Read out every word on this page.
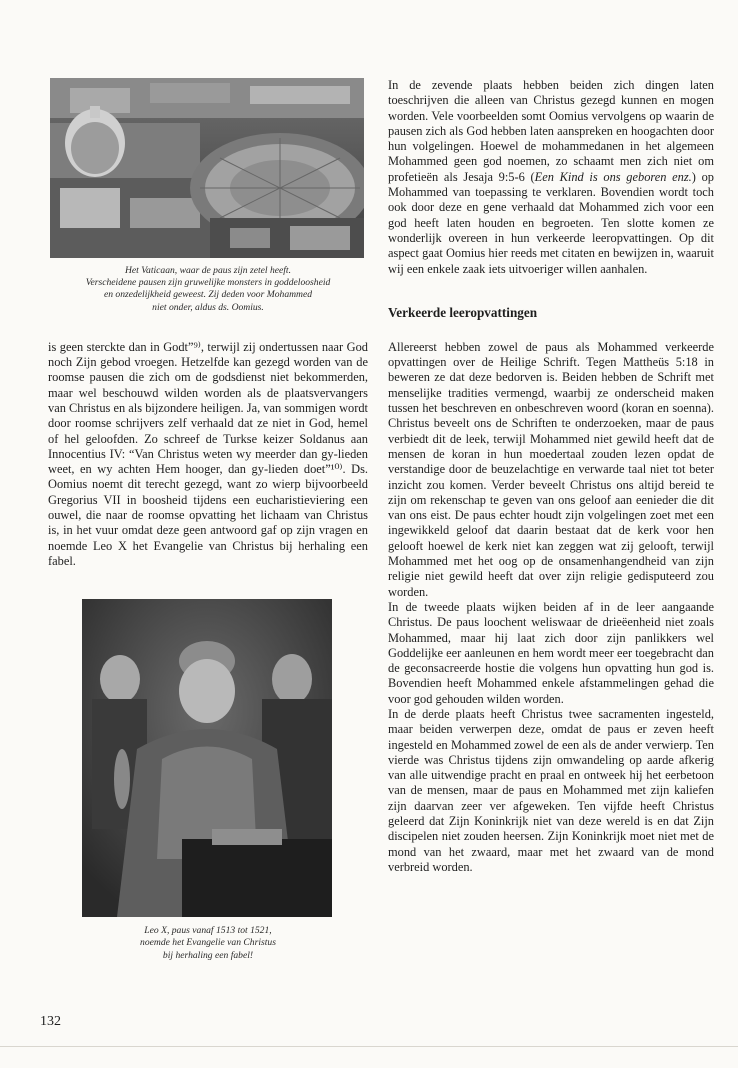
Het Vaticaan, waar de paus zijn zetel heeft.
Verscheidene pausen zijn gruwelijke monsters in goddeloosheid
en onzedelijkheid geweest. Zij deden voor Mohammed
niet onder, aldus ds. Oomius.

is geen sterckte dan in Godt”⁹⁾, terwijl zij ondertussen naar God noch Zijn gebod vroegen. Hetzelfde kan gezegd worden van de roomse pausen die zich om de godsdienst niet bekommerden, maar wel beschouwd wilden worden als de plaatsvervangers van Christus en als bijzondere heiligen. Ja, van sommigen wordt door roomse schrijvers zelf verhaald dat ze niet in God, hemel of hel geloofden. Zo schreef de Turkse keizer Soldanus aan Innocentius IV: “Van Christus weten wy meerder dan gy-lieden weet, en wy achten Hem hooger, dan gy-lieden doet”¹⁰⁾. Ds. Oomius noemt dit terecht gezegd, want zo wierp bijvoorbeeld Gregorius VII in boosheid tijdens een eucharistieviering een ouwel, die naar de roomse opvatting het lichaam van Christus is, in het vuur omdat deze geen antwoord gaf op zijn vragen en noemde Leo X het Evangelie van Christus bij herhaling een fabel.

Leo X, paus vanaf 1513 tot 1521,
noemde het Evangelie van Christus
bij herhaling een fabel!

In de zevende plaats hebben beiden zich dingen laten toeschrijven die alleen van Christus gezegd kunnen en mogen worden. Vele voorbeelden somt Oomius vervolgens op waarin de pausen zich als God hebben laten aanspreken en hoogachten door hun volgelingen. Hoewel de mohammedanen in het algemeen Mohammed geen god noemen, zo schaamt men zich niet om profetieën als Jesaja 9:5-6 (Een Kind is ons geboren enz.) op Mohammed van toepassing te verklaren. Bovendien wordt toch ook door deze en gene verhaald dat Mohammed zich voor een god heeft laten houden en begroeten. Ten slotte komen ze wonderlijk overeen in hun verkeerde leeropvattingen. Op dit aspect gaat Oomius hier reeds met citaten en bewijzen in, waaruit wij een enkele zaak iets uitvoeriger willen aanhalen.

Verkeerde leeropvattingen

Allereerst hebben zowel de paus als Mohammed verkeerde opvattingen over de Heilige Schrift. Tegen Mattheüs 5:18 in beweren ze dat deze bedorven is. Beiden hebben de Schrift met menselijke tradities vermengd, waarbij ze onderscheid maken tussen het beschreven en onbeschreven woord (koran en soenna). Christus beveelt ons de Schriften te onderzoeken, maar de paus verbiedt dit de leek, terwijl Mohammed niet gewild heeft dat de mensen de koran in hun moedertaal zouden lezen opdat de verstandige door de beuzelachtige en verwarde taal niet tot beter inzicht zou komen. Verder beveelt Christus ons altijd bereid te zijn om rekenschap te geven van ons geloof aan eenieder die dit van ons eist. De paus echter houdt zijn volgelingen zoet met een ingewikkeld geloof dat daarin bestaat dat de kerk voor hen gelooft hoewel de kerk niet kan zeggen wat zij gelooft, terwijl Mohammed met het oog op de onsamenhangendheid van zijn religie niet gewild heeft dat over zijn religie gedisputeerd zou worden.

In de tweede plaats wijken beiden af in de leer aangaande Christus. De paus loochent weliswaar de drieëenheid niet zoals Mohammed, maar hij laat zich door zijn panlikkers wel Goddelijke eer aanleunen en hem wordt meer eer toegebracht dan de geconsacreerde hostie die volgens hun opvatting hun god is. Bovendien heeft Mohammed enkele afstammelingen gehad die voor god gehouden wilden worden.

In de derde plaats heeft Christus twee sacramenten ingesteld, maar beiden verwerpen deze, omdat de paus er zeven heeft ingesteld en Mohammed zowel de een als de ander verwierp. Ten vierde was Christus tijdens zijn omwandeling op aarde afkerig van alle uitwendige pracht en praal en ontweek hij het eerbetoon van de mensen, maar de paus en Mohammed met zijn kaliefen zijn daarvan zeer ver afgeweken. Ten vijfde heeft Christus geleerd dat Zijn Koninkrijk niet van deze wereld is en dat Zijn discipelen niet zouden heersen. Zijn Koninkrijk moet niet met de mond van het zwaard, maar met het zwaard van de mond verbreid worden.

132
